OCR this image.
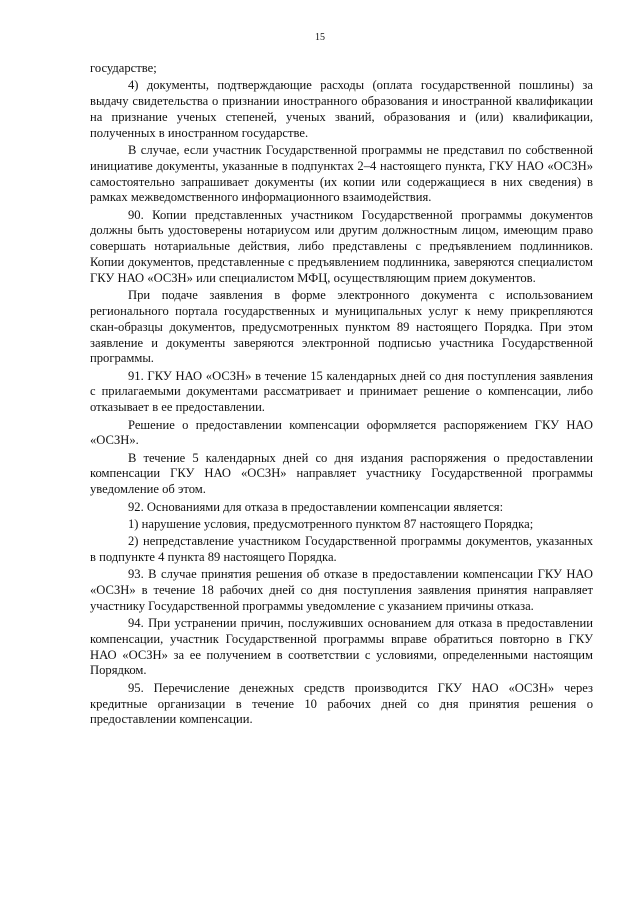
15

государстве;

4) документы, подтверждающие расходы (оплата государственной пошлины) за выдачу свидетельства о признании иностранного образования и иностранной квалификации на признание ученых степеней, ученых званий, образования и (или) квалификации, полученных в иностранном государстве.

В случае, если участник Государственной программы не представил по собственной инициативе документы, указанные в подпунктах 2–4 настоящего пункта, ГКУ НАО «ОСЗН» самостоятельно запрашивает документы (их копии или содержащиеся в них сведения) в рамках межведомственного информационного взаимодействия.

90. Копии представленных участником Государственной программы документов должны быть удостоверены нотариусом или другим должностным лицом, имеющим право совершать нотариальные действия, либо представлены с предъявлением подлинников. Копии документов, представленные с предъявлением подлинника, заверяются специалистом ГКУ НАО «ОСЗН» или специалистом МФЦ, осуществляющим прием документов.

При подаче заявления в форме электронного документа с использованием регионального портала государственных и муниципальных услуг к нему прикрепляются скан-образцы документов, предусмотренных пунктом 89 настоящего Порядка. При этом заявление и документы заверяются электронной подписью участника Государственной программы.

91. ГКУ НАО «ОСЗН» в течение 15 календарных дней со дня поступления заявления с прилагаемыми документами рассматривает и принимает решение о компенсации, либо отказывает в ее предоставлении.

Решение о предоставлении компенсации оформляется распоряжением ГКУ НАО «ОСЗН».

В течение 5 календарных дней со дня издания распоряжения о предоставлении компенсации ГКУ НАО «ОСЗН» направляет участнику Государственной программы уведомление об этом.

92. Основаниями для отказа в предоставлении компенсации является:

1) нарушение условия, предусмотренного пунктом 87 настоящего Порядка;

2) непредставление участником Государственной программы документов, указанных в подпункте 4 пункта 89 настоящего Порядка.

93. В случае принятия решения об отказе в предоставлении компенсации ГКУ НАО «ОСЗН» в течение 18 рабочих дней со дня поступления заявления принятия направляет участнику Государственной программы уведомление с указанием причины отказа.

94. При устранении причин, послуживших основанием для отказа в предоставлении компенсации, участник Государственной программы вправе обратиться повторно в ГКУ НАО «ОСЗН» за ее получением в соответствии с условиями, определенными настоящим Порядком.

95. Перечисление денежных средств производится ГКУ НАО «ОСЗН» через кредитные организации в течение 10 рабочих дней со дня принятия решения о предоставлении компенсации.
